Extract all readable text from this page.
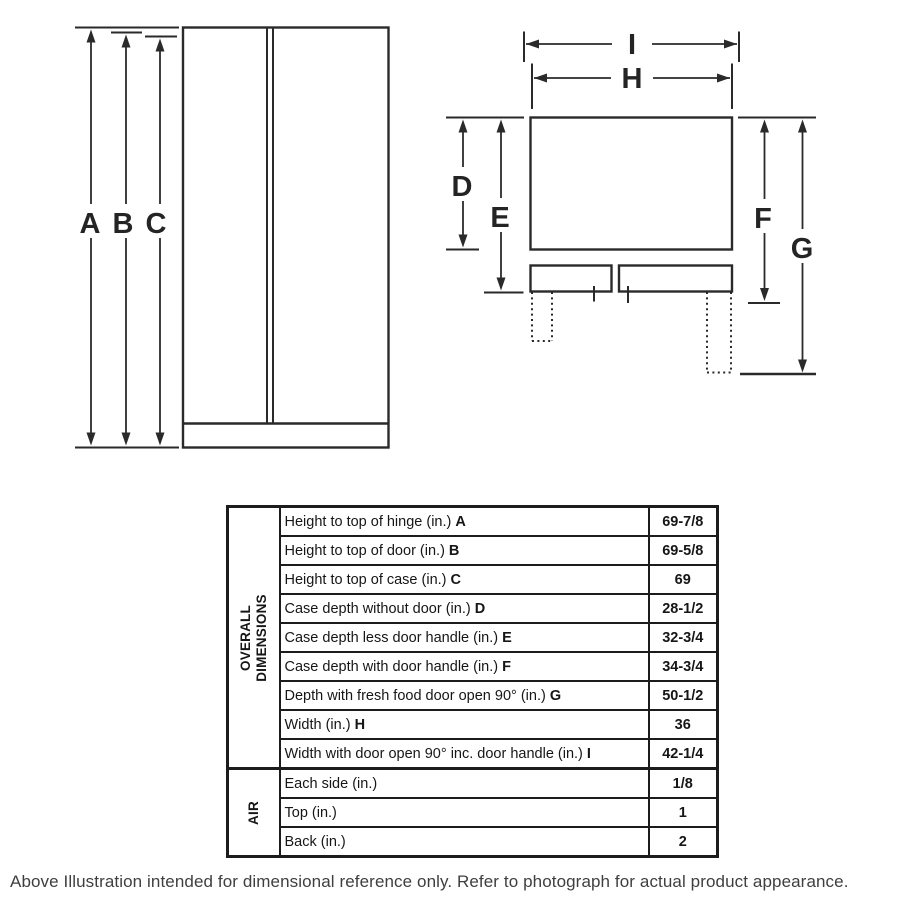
A B C
I
H
D
E	F
G
OVERALL DIMENSIONS	Height to top of hinge (in.) A	69-7/8
	Height to top of door (in.) B	69-5/8
	Height to top of case (in.) C	69
	Case depth without door (in.) D	28-1/2
	Case depth less door handle (in.) E	32-3/4
	Case depth with door handle (in.) F	34-3/4
	Depth with fresh food door open 90° (in.) G	50-1/2
	Width (in.) H	36
	Width with door open 90° inc. door handle (in.) I	42-1/4

AIR	Each side (in.)	1/8
	Top (in.)	1
	Back (in.)	2
Above Illustration intended for dimensional reference only. Refer to photograph for actual product appearance.
